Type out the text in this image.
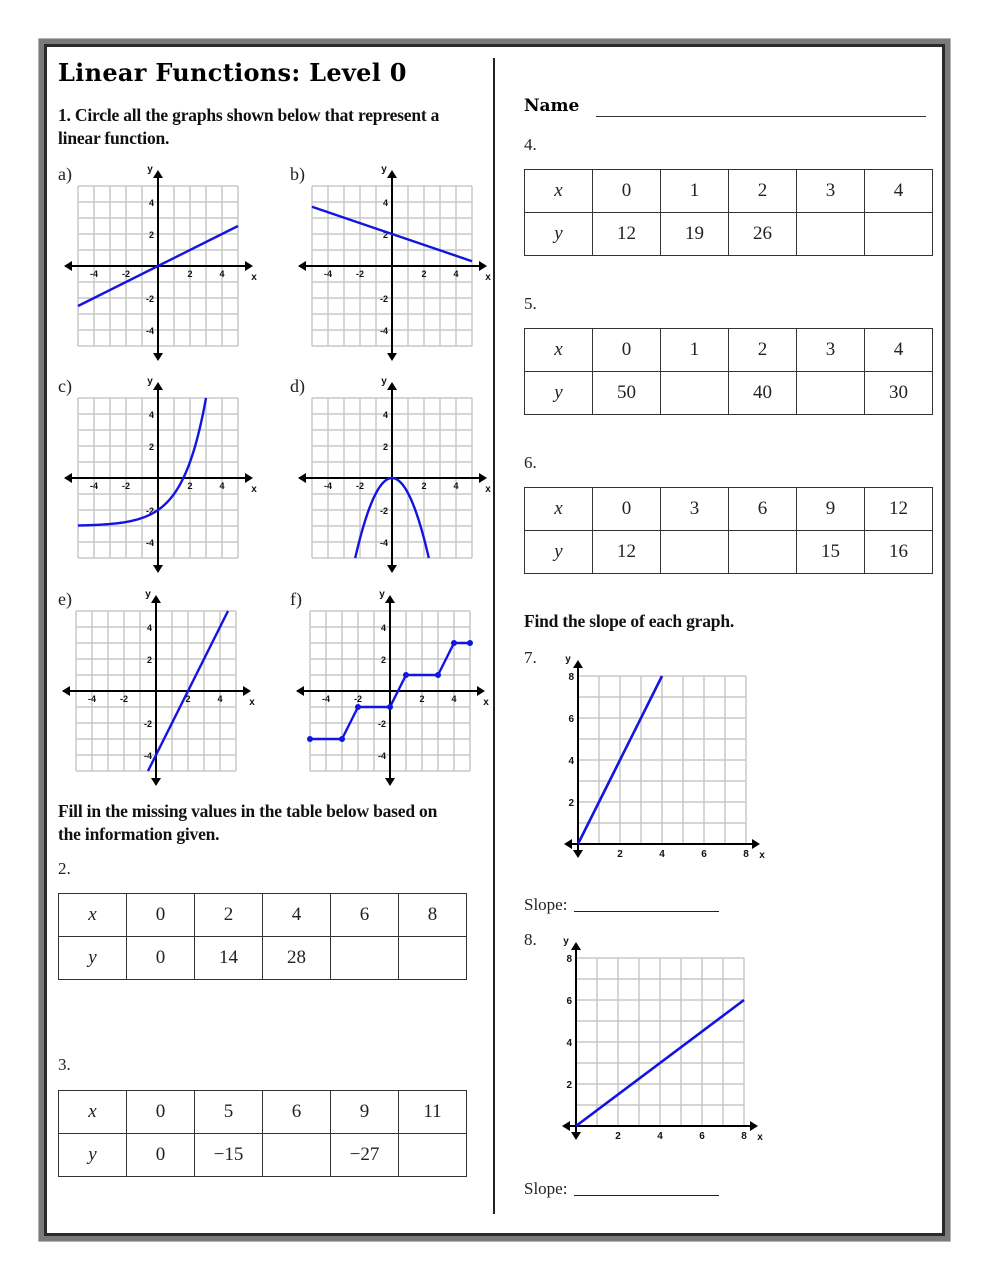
Linear Functions: Level 0
1. Circle all the graphs shown below that represent a
linear function.
Name
a)	b)
c)	d)
e)	f)
x
y
-4	-2	2	4
4
2
-2
-4
x
y
-4	-2	2	4
4
2
-2
-4
x
y
-4	-2	2	4
4
2
-2
-4
x
y
-4	-2	2	4
4
2
-2
-4
x
y
-4	-2	2	4
4
2
-2
-4
x
y
-4	-2	2	4
4
2
-2
-4
Fill in the missing values in the table below based on
the information given.
2.
x	0	2	4	6	8
y	0	14	28		
3.
x	0	5	6	9	11
y	0	−15		−27	
4.
x	0	1	2	3	4
y	12	19	26		
5.
x	0	1	2	3	4
y	50		40		30
6.
x	0	3	6	9	12
y	12			15	16
Find the slope of each graph.
7.
x
y
2	4	6	8
2
4
6
8
Slope:
8.
x
y
2	4	6	8
2
4
6
8
Slope:
